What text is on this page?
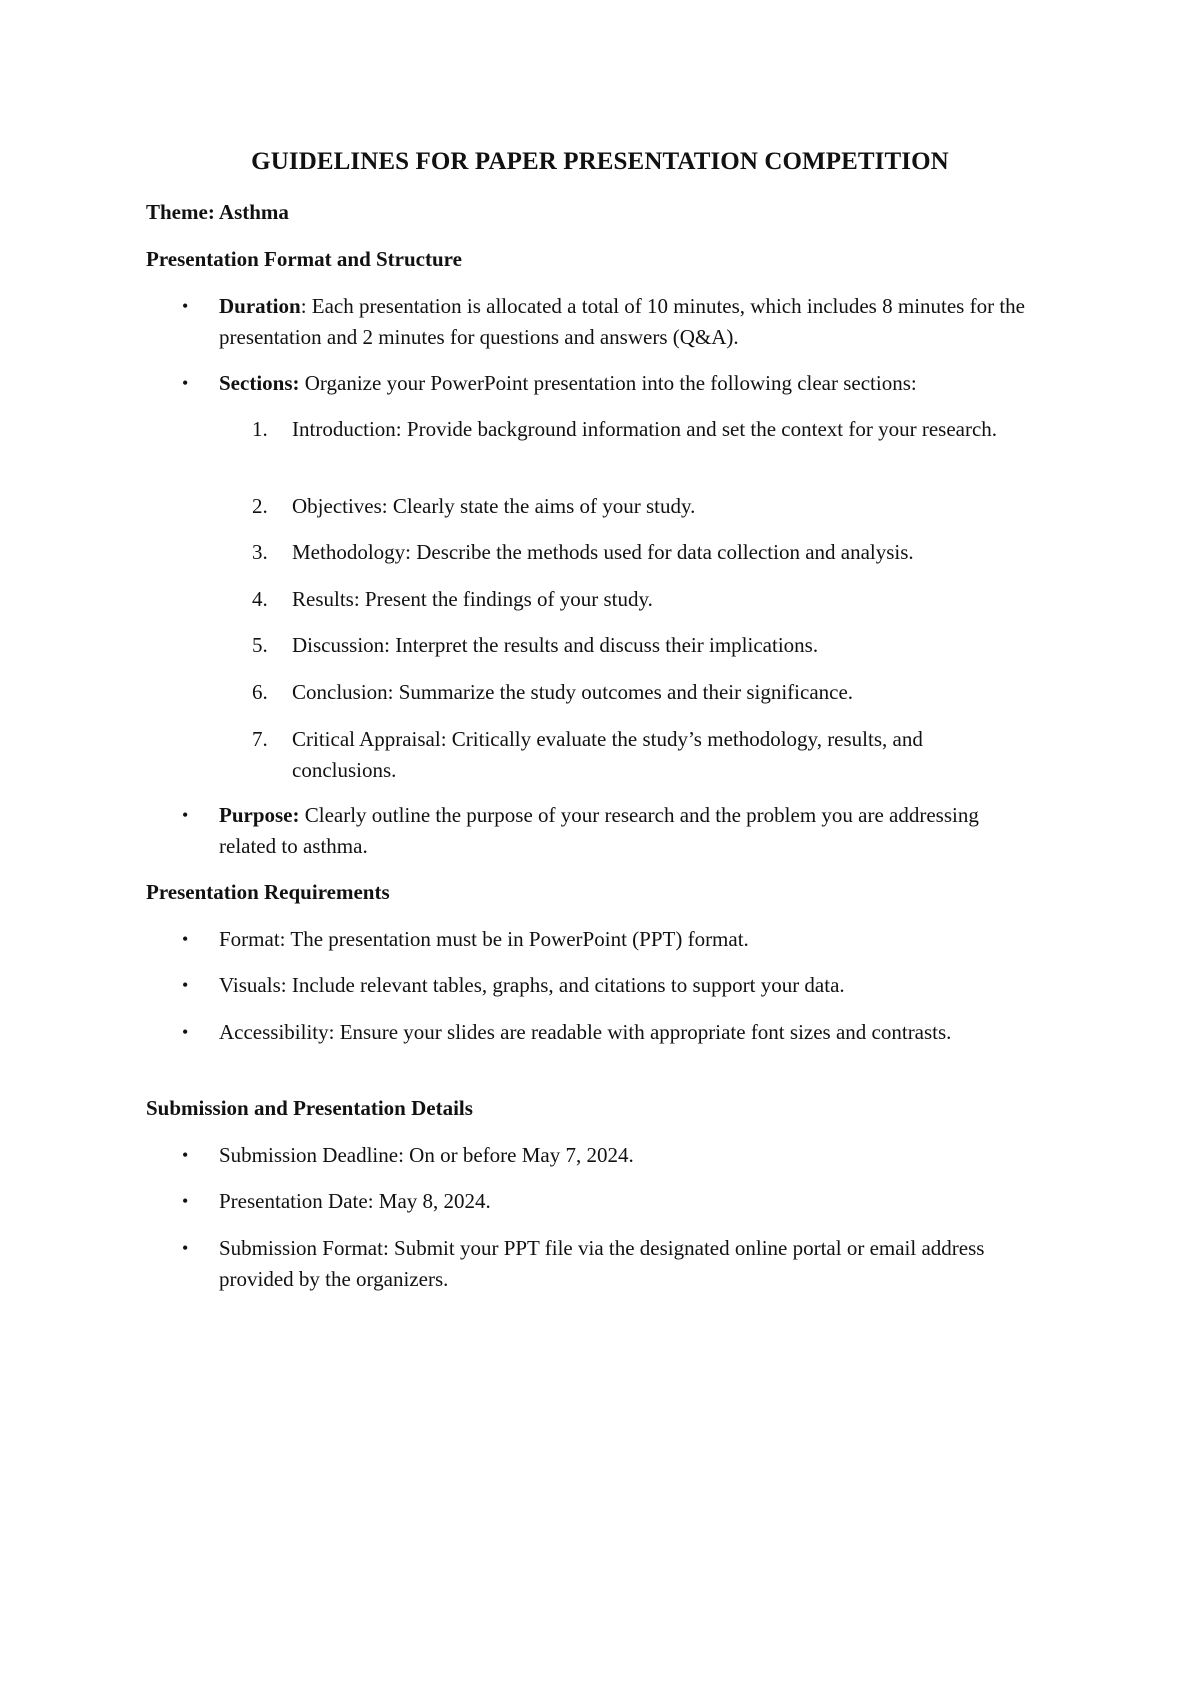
GUIDELINES FOR PAPER PRESENTATION COMPETITION
Theme: Asthma
Presentation Format and Structure
•	Duration: Each presentation is allocated a total of 10 minutes, which includes 8 minutes for the presentation and 2 minutes for questions and answers (Q&A).
•	Sections: Organize your PowerPoint presentation into the following clear sections:
1.	Introduction: Provide background information and set the context for your research.
2.	Objectives: Clearly state the aims of your study.
3.	Methodology: Describe the methods used for data collection and analysis.
4.	Results: Present the findings of your study.
5.	Discussion: Interpret the results and discuss their implications.
6.	Conclusion: Summarize the study outcomes and their significance.
7.	Critical Appraisal: Critically evaluate the study’s methodology, results, and conclusions.
•	Purpose: Clearly outline the purpose of your research and the problem you are addressing related to asthma.
Presentation Requirements
•	Format: The presentation must be in PowerPoint (PPT) format.
•	Visuals: Include relevant tables, graphs, and citations to support your data.
•	Accessibility: Ensure your slides are readable with appropriate font sizes and contrasts.
Submission and Presentation Details
•	Submission Deadline: On or before May 7, 2024.
•	Presentation Date: May 8, 2024.
•	Submission Format: Submit your PPT file via the designated online portal or email address provided by the organizers.
